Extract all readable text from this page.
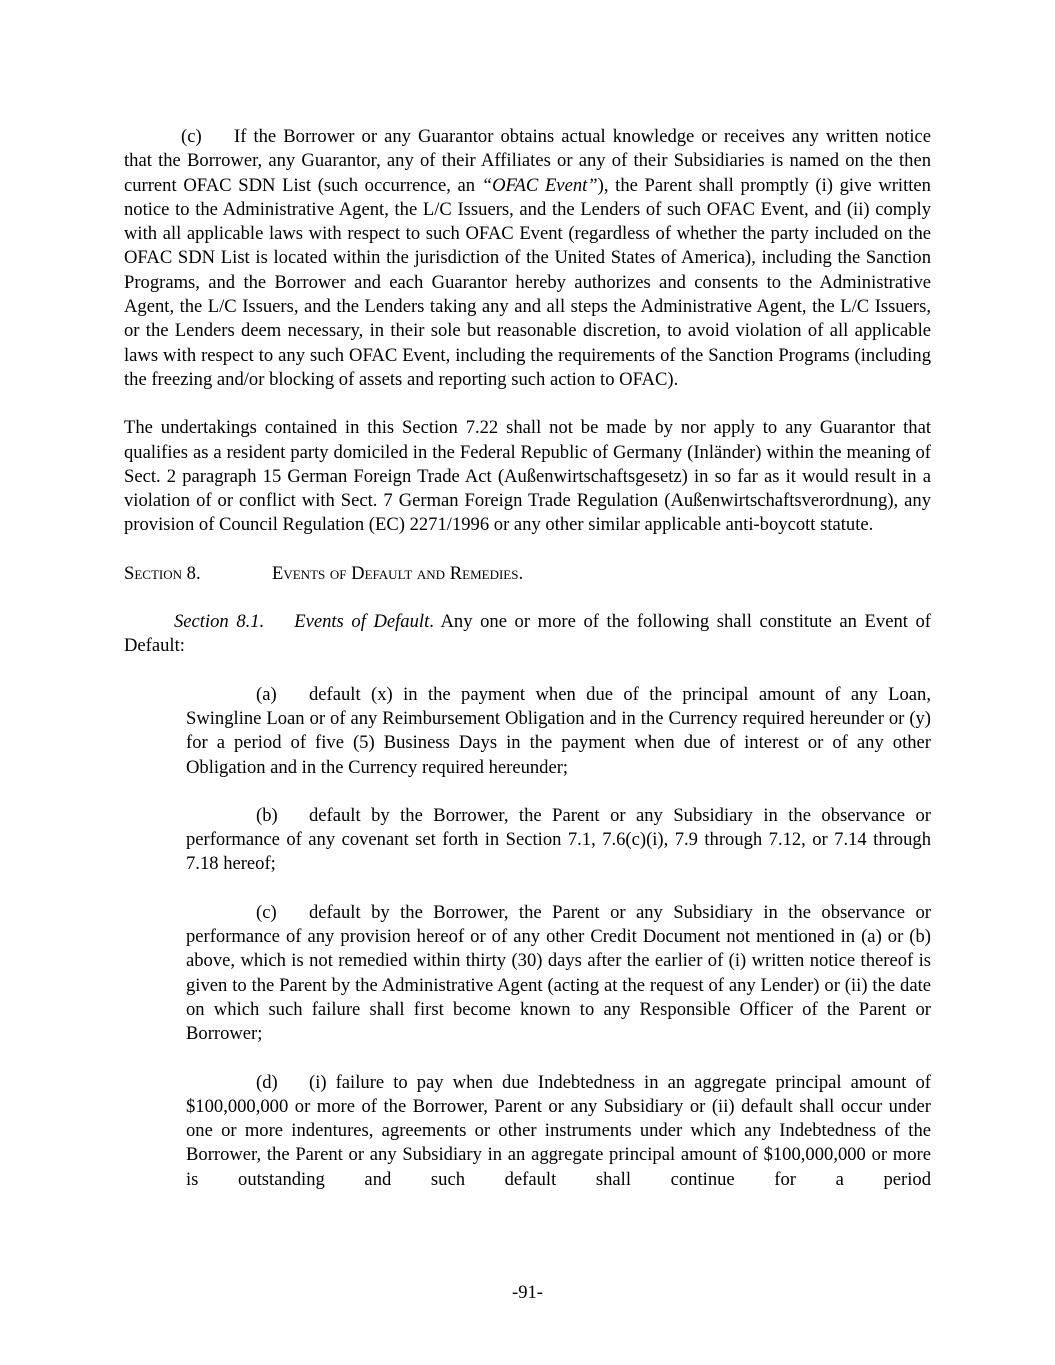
(c) If the Borrower or any Guarantor obtains actual knowledge or receives any written notice that the Borrower, any Guarantor, any of their Affiliates or any of their Subsidiaries is named on the then current OFAC SDN List (such occurrence, an “OFAC Event”), the Parent shall promptly (i) give written notice to the Administrative Agent, the L/C Issuers, and the Lenders of such OFAC Event, and (ii) comply with all applicable laws with respect to such OFAC Event (regardless of whether the party included on the OFAC SDN List is located within the jurisdiction of the United States of America), including the Sanction Programs, and the Borrower and each Guarantor hereby authorizes and consents to the Administrative Agent, the L/C Issuers, and the Lenders taking any and all steps the Administrative Agent, the L/C Issuers, or the Lenders deem necessary, in their sole but reasonable discretion, to avoid violation of all applicable laws with respect to any such OFAC Event, including the requirements of the Sanction Programs (including the freezing and/or blocking of assets and reporting such action to OFAC).

The undertakings contained in this Section 7.22 shall not be made by nor apply to any Guarantor that qualifies as a resident party domiciled in the Federal Republic of Germany (Inländer) within the meaning of Sect. 2 paragraph 15 German Foreign Trade Act (Außenwirtschaftsgesetz) in so far as it would result in a violation of or conflict with Sect. 7 German Foreign Trade Regulation (Außenwirtschaftsverordnung), any provision of Council Regulation (EC) 2271/1996 or any other similar applicable anti-boycott statute.

Section 8.	Events of Default and Remedies.

Section 8.1. Events of Default. Any one or more of the following shall constitute an Event of Default:

(a) default (x) in the payment when due of the principal amount of any Loan, Swingline Loan or of any Reimbursement Obligation and in the Currency required hereunder or (y) for a period of five (5) Business Days in the payment when due of interest or of any other Obligation and in the Currency required hereunder;

(b) default by the Borrower, the Parent or any Subsidiary in the observance or performance of any covenant set forth in Section 7.1, 7.6(c)(i), 7.9 through 7.12, or 7.14 through 7.18 hereof;

(c) default by the Borrower, the Parent or any Subsidiary in the observance or performance of any provision hereof or of any other Credit Document not mentioned in (a) or (b) above, which is not remedied within thirty (30) days after the earlier of (i) written notice thereof is given to the Parent by the Administrative Agent (acting at the request of any Lender) or (ii) the date on which such failure shall first become known to any Responsible Officer of the Parent or Borrower;

(d) (i) failure to pay when due Indebtedness in an aggregate principal amount of $100,000,000 or more of the Borrower, Parent or any Subsidiary or (ii) default shall occur under one or more indentures, agreements or other instruments under which any Indebtedness of the Borrower, the Parent or any Subsidiary in an aggregate principal amount of $100,000,000 or more is outstanding and such default shall continue for a period

-91-
